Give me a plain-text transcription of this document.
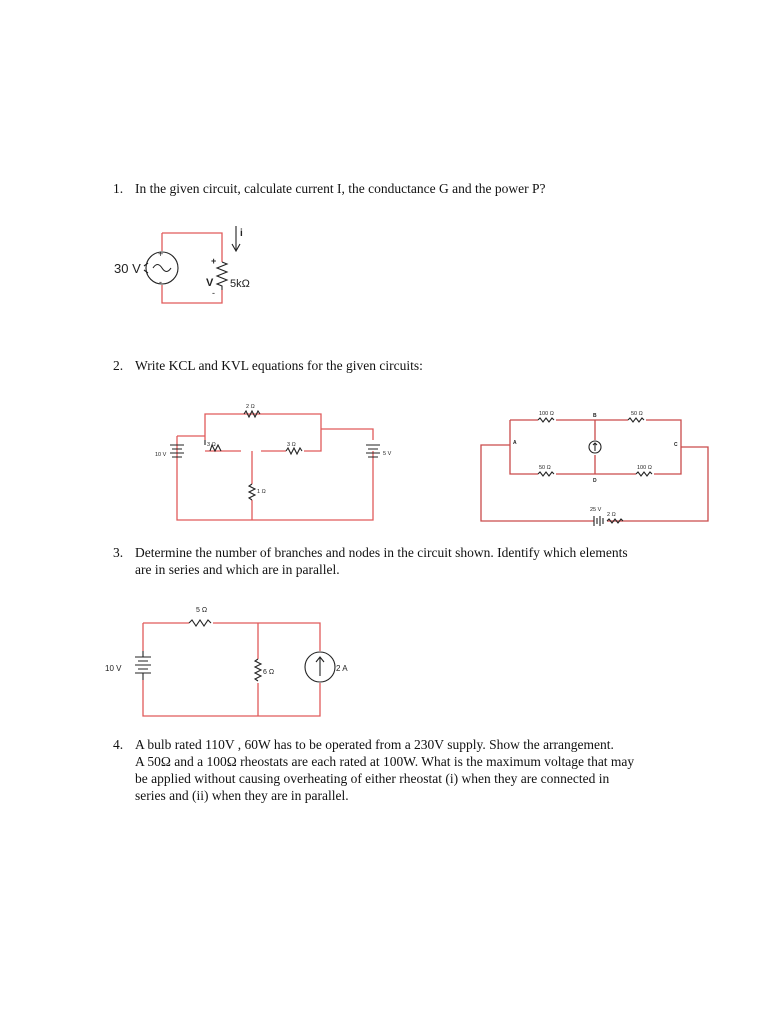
1. In the given circuit, calculate current I, the conductance G and the power P?
2. Write KCL and KVL equations for the given circuits:
3. Determine the number of branches and nodes in the circuit shown. Identify which elements
are in series and which are in parallel.
4. A bulb rated 110V , 60W has to be operated from a 230V supply. Show the arrangement.
A 50Ω and a 100Ω rheostats are each rated at 100W. What is the maximum voltage that may
be applied without causing overheating of either rheostat (i) when they are connected in
series and (ii) when they are in parallel.
+
-
30 V
i
+
V 5kΩ
-
10 V	5 V
2 Ω
3 Ω	3 Ω
1 Ω
100 Ω	50 Ω
50 Ω	100 Ω
A
B
C
D
25 V
2 Ω
10 V
5 Ω
6 Ω	2 A
